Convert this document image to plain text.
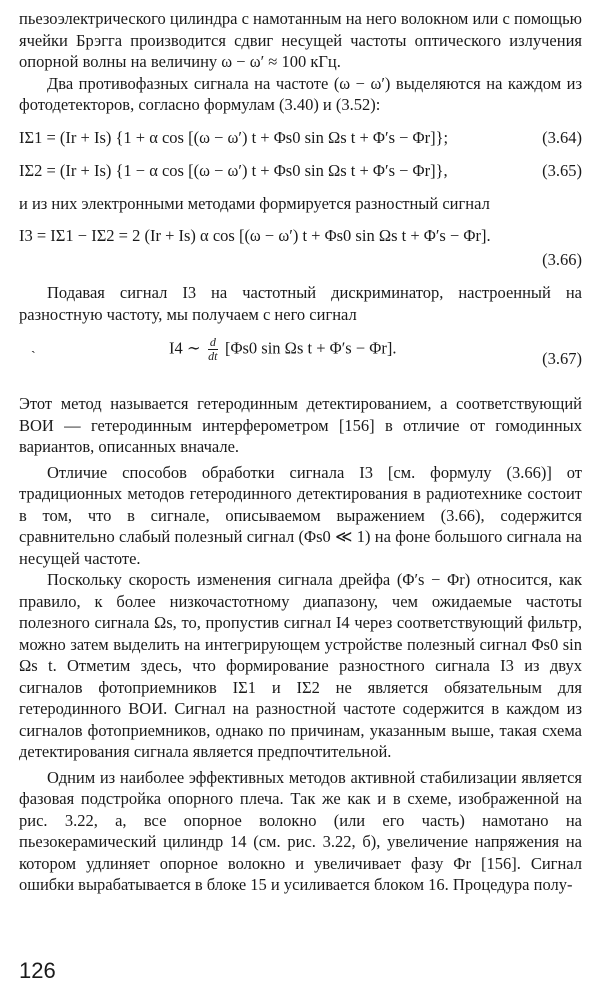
пьезоэлектрического цилиндра с намотанным на него волокном или с помощью ячейки Брэгга производится сдвиг несущей частоты оптического излучения опорной волны на величину ω − ω′ ≈ 100 кГц.

Два противофазных сигнала на частоте (ω − ω′) выделяются на каждом из фотодетекторов, согласно формулам (3.40) и (3.52):

IΣ1 = (Ir + Is) {1 + α cos [(ω − ω′) t + Φs0 sin Ωs t + Φ′s − Φr]};	(3.64)
IΣ2 = (Ir + Is) {1 − α cos [(ω − ω′) t + Φs0 sin Ωs t + Φ′s − Φr]},	(3.65)

и из них электронными методами формируется разностный сигнал

I3 = IΣ1 − IΣ2 = 2 (Ir + Is) α cos [(ω − ω′) t + Φs0 sin Ωs t + Φ′s − Φr].
(3.66)

Подавая сигнал I3 на частотный дискриминатор, настроенный на разностную частоту, мы получаем с него сигнал

ˎ	I4 ∼ $\frac{d}{dt} [\Phi s0$ sin Ωs t + Φ′s − Φr].
(3.67)

Этот метод называется гетеродинным детектированием, а соответствующий ВОИ — гетеродинным интерферометром [156] в отличие от гомодинных вариантов, описанных вначале.

Отличие способов обработки сигнала I3 [см. формулу (3.66)] от традиционных методов гетеродинного детектирования в радиотехнике состоит в том, что в сигнале, описываемом выражением (3.66), содержится сравнительно слабый полезный сигнал (Φs0 ≪ 1) на фоне большого сигнала на несущей частоте.

Поскольку скорость изменения сигнала дрейфа (Φ′s − Φr) относится, как правило, к более низкочастотному диапазону, чем ожидаемые частоты полезного сигнала Ωs, то, пропустив сигнал I4 через соответствующий фильтр, можно затем выделить на интегрирующем устройстве полезный сигнал Φs0 sin Ωs t. Отметим здесь, что формирование разностного сигнала I3 из двух сигналов фотоприемников IΣ1 и IΣ2 не является обязательным для гетеродинного ВОИ. Сигнал на разностной частоте содержится в каждом из сигналов фотоприемников, однако по причинам, указанным выше, такая схема детектирования сигнала является предпочтительной.

Одним из наиболее эффективных методов активной стабилизации является фазовая подстройка опорного плеча. Так же как и в схеме, изображенной на рис. 3.22, а, все опорное волокно (или его часть) намотано на пьезокерамический цилиндр 14 (см. рис. 3.22, б), увеличение напряжения на котором удлиняет опорное волокно и увеличивает фазу Φr [156]. Сигнал ошибки вырабатывается в блоке 15 и усиливается блоком 16. Процедура полу-

126
